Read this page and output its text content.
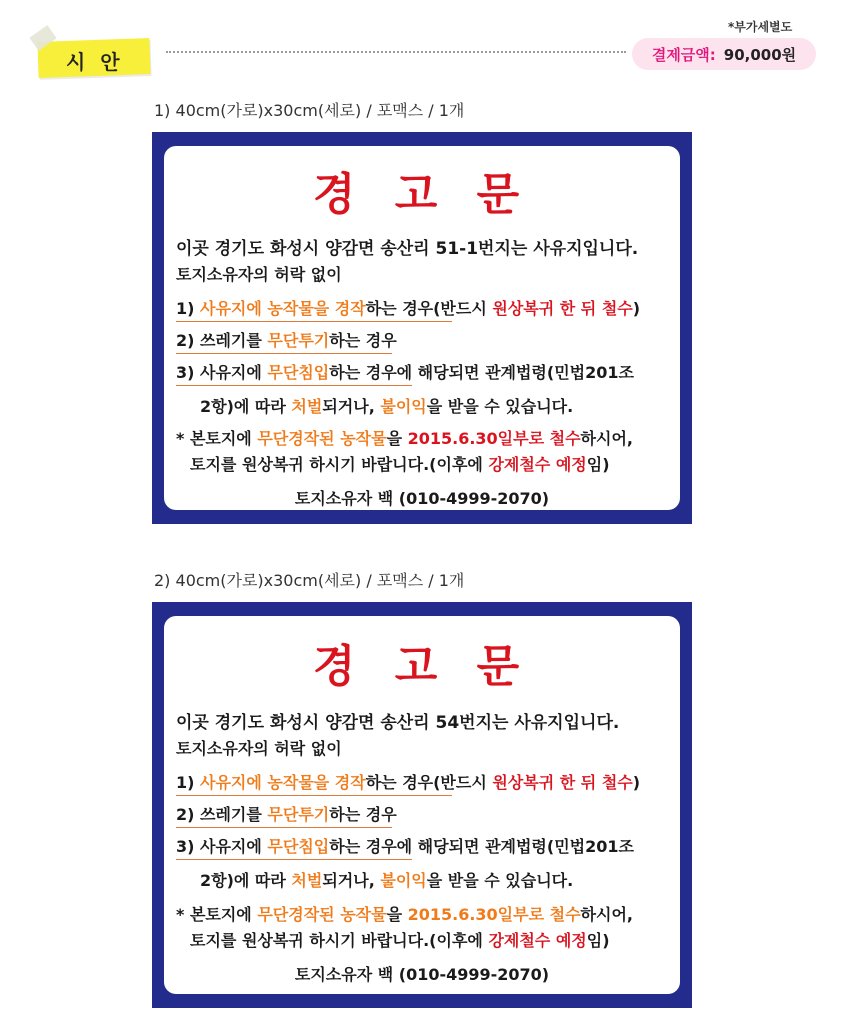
시 안
*부가세별도
결제금액: 90,000원
1) 40cm(가로)x30cm(세로) / 포맥스 / 1개
경 고 문
이곳 경기도 화성시 양감면 송산리 51-1번지는 사유지입니다.
토지소유자의 허락 없이
1) 사유지에 농작물을 경작하는 경우(반드시 원상복귀 한 뒤 철수)
2) 쓰레기를 무단투기하는 경우
3) 사유지에 무단침입하는 경우에 해당되면 관계법령(민법201조
2항)에 따라 처벌되거나, 불이익을 받을 수 있습니다.
* 본토지에 무단경작된 농작물을 2015.6.30일부로 철수하시어,
토지를 원상복귀 하시기 바랍니다.(이후에 강제철수 예정임)
토지소유자 백 (010-4999-2070)
2) 40cm(가로)x30cm(세로) / 포맥스 / 1개
경 고 문
이곳 경기도 화성시 양감면 송산리 54번지는 사유지입니다.
토지소유자의 허락 없이
1) 사유지에 농작물을 경작하는 경우(반드시 원상복귀 한 뒤 철수)
2) 쓰레기를 무단투기하는 경우
3) 사유지에 무단침입하는 경우에 해당되면 관계법령(민법201조
2항)에 따라 처벌되거나, 불이익을 받을 수 있습니다.
* 본토지에 무단경작된 농작물을 2015.6.30일부로 철수하시어,
토지를 원상복귀 하시기 바랍니다.(이후에 강제철수 예정임)
토지소유자 백 (010-4999-2070)
